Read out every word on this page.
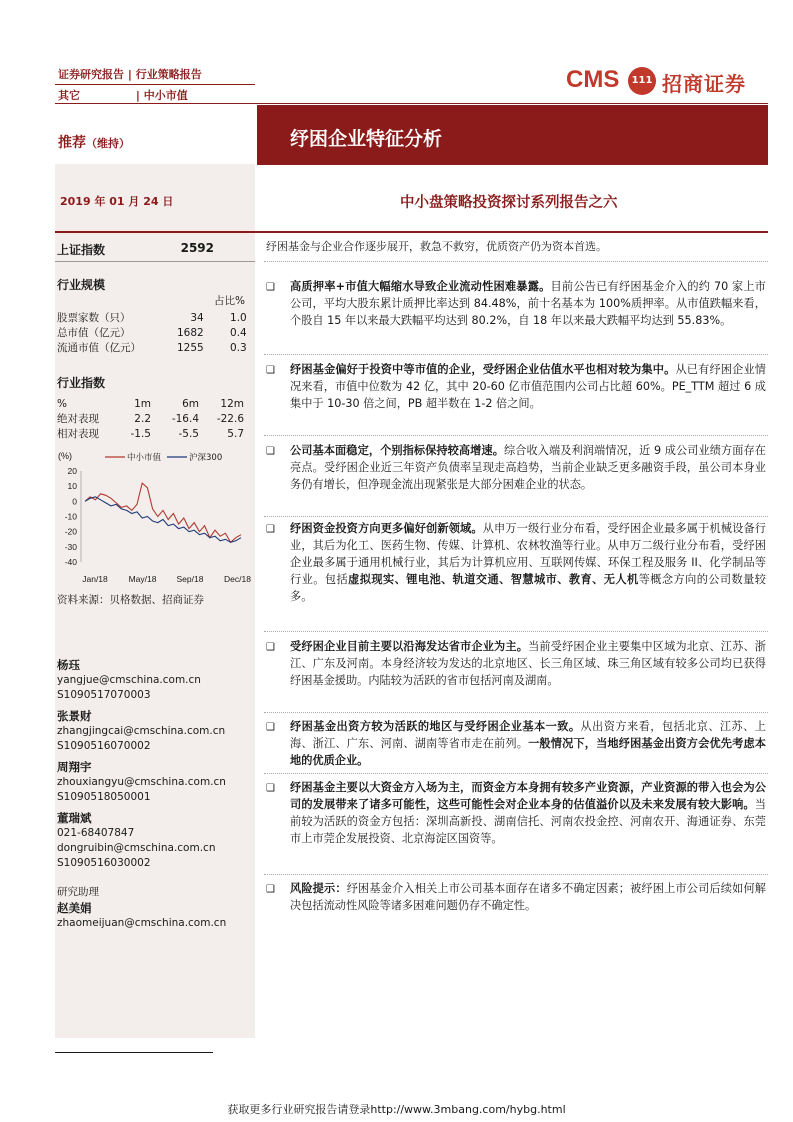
证券研究报告 | 行业策略报告
其它	| 中小市值
CMS	111 招商证券
推荐（维持）	纾困企业特征分析
2019 年 01 月 24 日	中小盘策略投资探讨系列报告之六
上证指数	2592
行业规模
占比%
股票家数（只）	34	1.0
总市值（亿元）	1682	0.4
流通市值（亿元）	1255	0.3
行业指数
%	1m	6m	12m
绝对表现	2.2	-16.4	-22.6
相对表现	-1.5	-5.5	5.7
(%)	中小市值	沪深300
20
10
0
-10
-20
-30
-40
Jan/18 May/18 Sep/18 Dec/18
资料来源：贝格数据、招商证券
杨珏
yangjue@cmschina.com.cn
S1090517070003
张景财
zhangjingcai@cmschina.com.cn
S1090516070002
周翔宇
zhouxiangyu@cmschina.com.cn
S1090518050001
董瑞斌
021-68407847
dongruibin@cmschina.com.cn
S1090516030002
研究助理
赵美娟
zhaomeijuan@cmschina.com.cn
纾困基金与企业合作逐步展开，救急不救穷，优质资产仍为资本首选。
❑ 高质押率+市值大幅缩水导致企业流动性困难暴露。目前公告已有纾困基金介入的约 70 家上市公司，平均大股东累计质押比率达到 84.48%，前十名基本为 100%质押率。从市值跌幅来看，个股自 15 年以来最大跌幅平均达到 80.2%，自 18 年以来最大跌幅平均达到 55.83%。
❑ 纾困基金偏好于投资中等市值的企业，受纾困企业估值水平也相对较为集中。从已有纾困企业情况来看，市值中位数为 42 亿，其中 20-60 亿市值范围内公司占比超 60%。PE_TTM 超过 6 成集中于 10-30 倍之间，PB 超半数在 1-2 倍之间。
❑ 公司基本面稳定，个别指标保持较高增速。综合收入端及利润端情况，近 9 成公司业绩方面存在亮点。受纾困企业近三年资产负债率呈现走高趋势，当前企业缺乏更多融资手段，虽公司本身业务仍有增长，但净现金流出现紧张是大部分困难企业的状态。
❑ 纾困资金投资方向更多偏好创新领域。从申万一级行业分布看，受纾困企业最多属于机械设备行业，其后为化工、医药生物、传媒、计算机、农林牧渔等行业。从申万二级行业分布看，受纾困企业最多属于通用机械行业，其后为计算机应用、互联网传媒、环保工程及服务 II、化学制品等行业。包括虚拟现实、锂电池、轨道交通、智慧城市、教育、无人机等概念方向的公司数量较多。
❑ 受纾困企业目前主要以沿海发达省市企业为主。当前受纾困企业主要集中区域为北京、江苏、浙江、广东及河南。本身经济较为发达的北京地区、长三角区域、珠三角区域有较多公司均已获得纾困基金援助。内陆较为活跃的省市包括河南及湖南。
❑ 纾困基金出资方较为活跃的地区与受纾困企业基本一致。从出资方来看，包括北京、江苏、上海、浙江、广东、河南、湖南等省市走在前列。一般情况下，当地纾困基金出资方会优先考虑本地的优质企业。
❑ 纾困基金主要以大资金方入场为主，而资金方本身拥有较多产业资源，产业资源的带入也会为公司的发展带来了诸多可能性，这些可能性会对企业本身的估值溢价以及未来发展有较大影响。当前较为活跃的资金方包括：深圳高新投、湖南信托、河南农投金控、河南农开、海通证券、东莞市上市莞企发展投资、北京海淀区国资等。
❑ 风险提示：纾困基金介入相关上市公司基本面存在诸多不确定因素；被纾困上市公司后续如何解决包括流动性风险等诸多困难问题仍存不确定性。
获取更多行业研究报告请登录http://www.3mbang.com/hybg.html
